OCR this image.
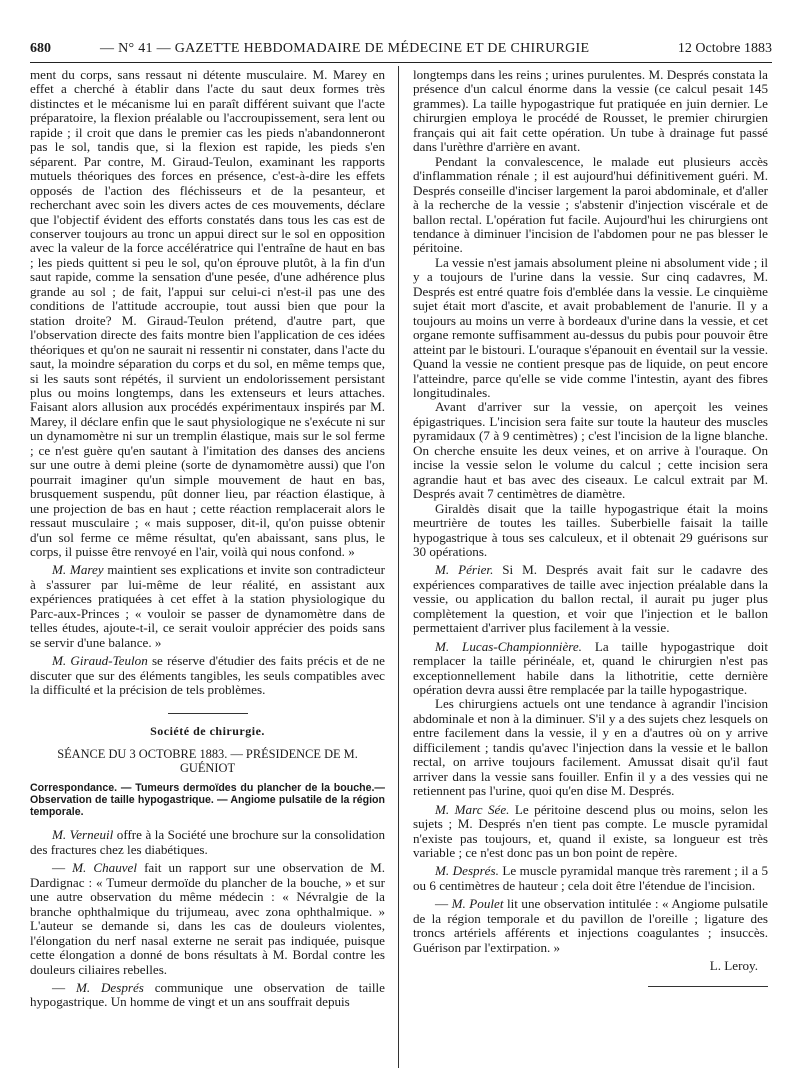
680	— N° 41 — GAZETTE HEBDOMADAIRE DE MÉDECINE ET DE CHIRURGIE	12 Octobre 1883

ment du corps, sans ressaut ni détente musculaire. M. Marey en effet a cherché à établir dans l'acte du saut deux formes très distinctes et le mécanisme lui en paraît différent suivant que l'acte préparatoire, la flexion préalable ou l'accroupissement, sera lent ou rapide ; il croit que dans le premier cas les pieds n'abandonneront pas le sol, tandis que, si la flexion est rapide, les pieds s'en séparent. Par contre, M. Giraud-Teulon, examinant les rapports mutuels théoriques des forces en présence, c'est-à-dire les effets opposés de l'action des fléchisseurs et de la pesanteur, et recherchant avec soin les divers actes de ces mouvements, déclare que l'objectif évident des efforts constatés dans tous les cas est de conserver toujours au tronc un appui direct sur le sol en opposition avec la valeur de la force accélératrice qui l'entraîne de haut en bas ; les pieds quittent si peu le sol, qu'on éprouve plutôt, à la fin d'un saut rapide, comme la sensation d'une pesée, d'une adhérence plus grande au sol ; de fait, l'appui sur celui-ci n'est-il pas une des conditions de l'attitude accroupie, tout aussi bien que pour la station droite? M. Giraud-Teulon prétend, d'autre part, que l'observation directe des faits montre bien l'application de ces idées théoriques et qu'on ne saurait ni ressentir ni constater, dans l'acte du saut, la moindre séparation du corps et du sol, en même temps que, si les sauts sont répétés, il survient un endolorissement persistant plus ou moins longtemps, dans les extenseurs et leurs attaches. Faisant alors allusion aux procédés expérimentaux inspirés par M. Marey, il déclare enfin que le saut physiologique ne s'exécute ni sur un dynamomètre ni sur un tremplin élastique, mais sur le sol ferme ; ce n'est guère qu'en sautant à l'imitation des danses des anciens sur une outre à demi pleine (sorte de dynamomètre aussi) que l'on pourrait imaginer qu'un simple mouvement de haut en bas, brusquement suspendu, pût donner lieu, par réaction élastique, à une projection de bas en haut ; cette réaction remplacerait alors le ressaut musculaire ; « mais supposer, dit-il, qu'on puisse obtenir d'un sol ferme ce même résultat, qu'en abaissant, sans plus, le corps, il puisse être renvoyé en l'air, voilà qui nous confond. »

M. Marey maintient ses explications et invite son contradicteur à s'assurer par lui-même de leur réalité, en assistant aux expériences pratiquées à cet effet à la station physiologique du Parc-aux-Princes ; « vouloir se passer de dynamomètre dans de telles études, ajoute-t-il, ce serait vouloir apprécier des poids sans se servir d'une balance. »

M. Giraud-Teulon se réserve d'étudier des faits précis et de ne discuter que sur des éléments tangibles, les seuls compatibles avec la difficulté et la précision de tels problèmes.

Société de chirurgie.

SÉANCE DU 3 OCTOBRE 1883. — PRÉSIDENCE DE M. GUÉNIOT

Correspondance. — Tumeurs dermoïdes du plancher de la bouche.— Observation de taille hypogastrique. — Angiome pulsatile de la région temporale.

M. Verneuil offre à la Société une brochure sur la consolidation des fractures chez les diabétiques.

— M. Chauvel fait un rapport sur une observation de M. Dardignac : « Tumeur dermoïde du plancher de la bouche, » et sur une autre observation du même médecin : « Névralgie de la branche ophthalmique du trijumeau, avec zona ophthalmique. » L'auteur se demande si, dans les cas de douleurs violentes, l'élongation du nerf nasal externe ne serait pas indiquée, puisque cette élongation a donné de bons résultats à M. Bordal contre les douleurs ciliaires rebelles.

— M. Després communique une observation de taille hypogastrique. Un homme de vingt et un ans souffrait depuis

longtemps dans les reins ; urines purulentes. M. Després constata la présence d'un calcul énorme dans la vessie (ce calcul pesait 145 grammes). La taille hypogastrique fut pratiquée en juin dernier. Le chirurgien employa le procédé de Rousset, le premier chirurgien français qui ait fait cette opération. Un tube à drainage fut passé dans l'urèthre d'arrière en avant.

Pendant la convalescence, le malade eut plusieurs accès d'inflammation rénale ; il est aujourd'hui définitivement guéri. M. Després conseille d'inciser largement la paroi abdominale, et d'aller à la recherche de la vessie ; s'abstenir d'injection viscérale et de ballon rectal. L'opération fut facile. Aujourd'hui les chirurgiens ont tendance à diminuer l'incision de l'abdomen pour ne pas blesser le péritoine.

La vessie n'est jamais absolument pleine ni absolument vide ; il y a toujours de l'urine dans la vessie. Sur cinq cadavres, M. Després est entré quatre fois d'emblée dans la vessie. Le cinquième sujet était mort d'ascite, et avait probablement de l'anurie. Il y a toujours au moins un verre à bordeaux d'urine dans la vessie, et cet organe remonte suffisamment au-dessus du pubis pour pouvoir être atteint par le bistouri. L'ouraque s'épanouit en éventail sur la vessie. Quand la vessie ne contient presque pas de liquide, on peut encore l'atteindre, parce qu'elle se vide comme l'intestin, ayant des fibres longitudinales.

Avant d'arriver sur la vessie, on aperçoit les veines épigastriques. L'incision sera faite sur toute la hauteur des muscles pyramidaux (7 à 9 centimètres) ; c'est l'incision de la ligne blanche. On cherche ensuite les deux veines, et on arrive à l'ouraque. On incise la vessie selon le volume du calcul ; cette incision sera agrandie haut et bas avec des ciseaux. Le calcul extrait par M. Després avait 7 centimètres de diamètre.

Giraldès disait que la taille hypogastrique était la moins meurtrière de toutes les tailles. Suberbielle faisait la taille hypogastrique à tous ses calculeux, et il obtenait 29 guérisons sur 30 opérations.

M. Périer. Si M. Després avait fait sur le cadavre des expériences comparatives de taille avec injection préalable dans la vessie, ou application du ballon rectal, il aurait pu juger plus complètement la question, et voir que l'injection et le ballon permettaient d'arriver plus facilement à la vessie.

M. Lucas-Championnière. La taille hypogastrique doit remplacer la taille périnéale, et, quand le chirurgien n'est pas exceptionnellement habile dans la lithotritie, cette dernière opération devra aussi être remplacée par la taille hypogastrique.

Les chirurgiens actuels ont une tendance à agrandir l'incision abdominale et non à la diminuer. S'il y a des sujets chez lesquels on entre facilement dans la vessie, il y en a d'autres où on y arrive difficilement ; tandis qu'avec l'injection dans la vessie et le ballon rectal, on arrive toujours facilement. Amussat disait qu'il faut arriver dans la vessie sans fouiller. Enfin il y a des vessies qui ne retiennent pas l'urine, quoi qu'en dise M. Després.

M. Marc Sée. Le péritoine descend plus ou moins, selon les sujets ; M. Després n'en tient pas compte. Le muscle pyramidal n'existe pas toujours, et, quand il existe, sa longueur est très variable ; ce n'est donc pas un bon point de repère.

M. Després. Le muscle pyramidal manque très rarement ; il a 5 ou 6 centimètres de hauteur ; cela doit être l'étendue de l'incision.

— M. Poulet lit une observation intitulée : « Angiome pulsatile de la région temporale et du pavillon de l'oreille ; ligature des troncs artériels afférents et injections coagulantes ; insuccès. Guérison par l'extirpation. »

L. Leroy.
